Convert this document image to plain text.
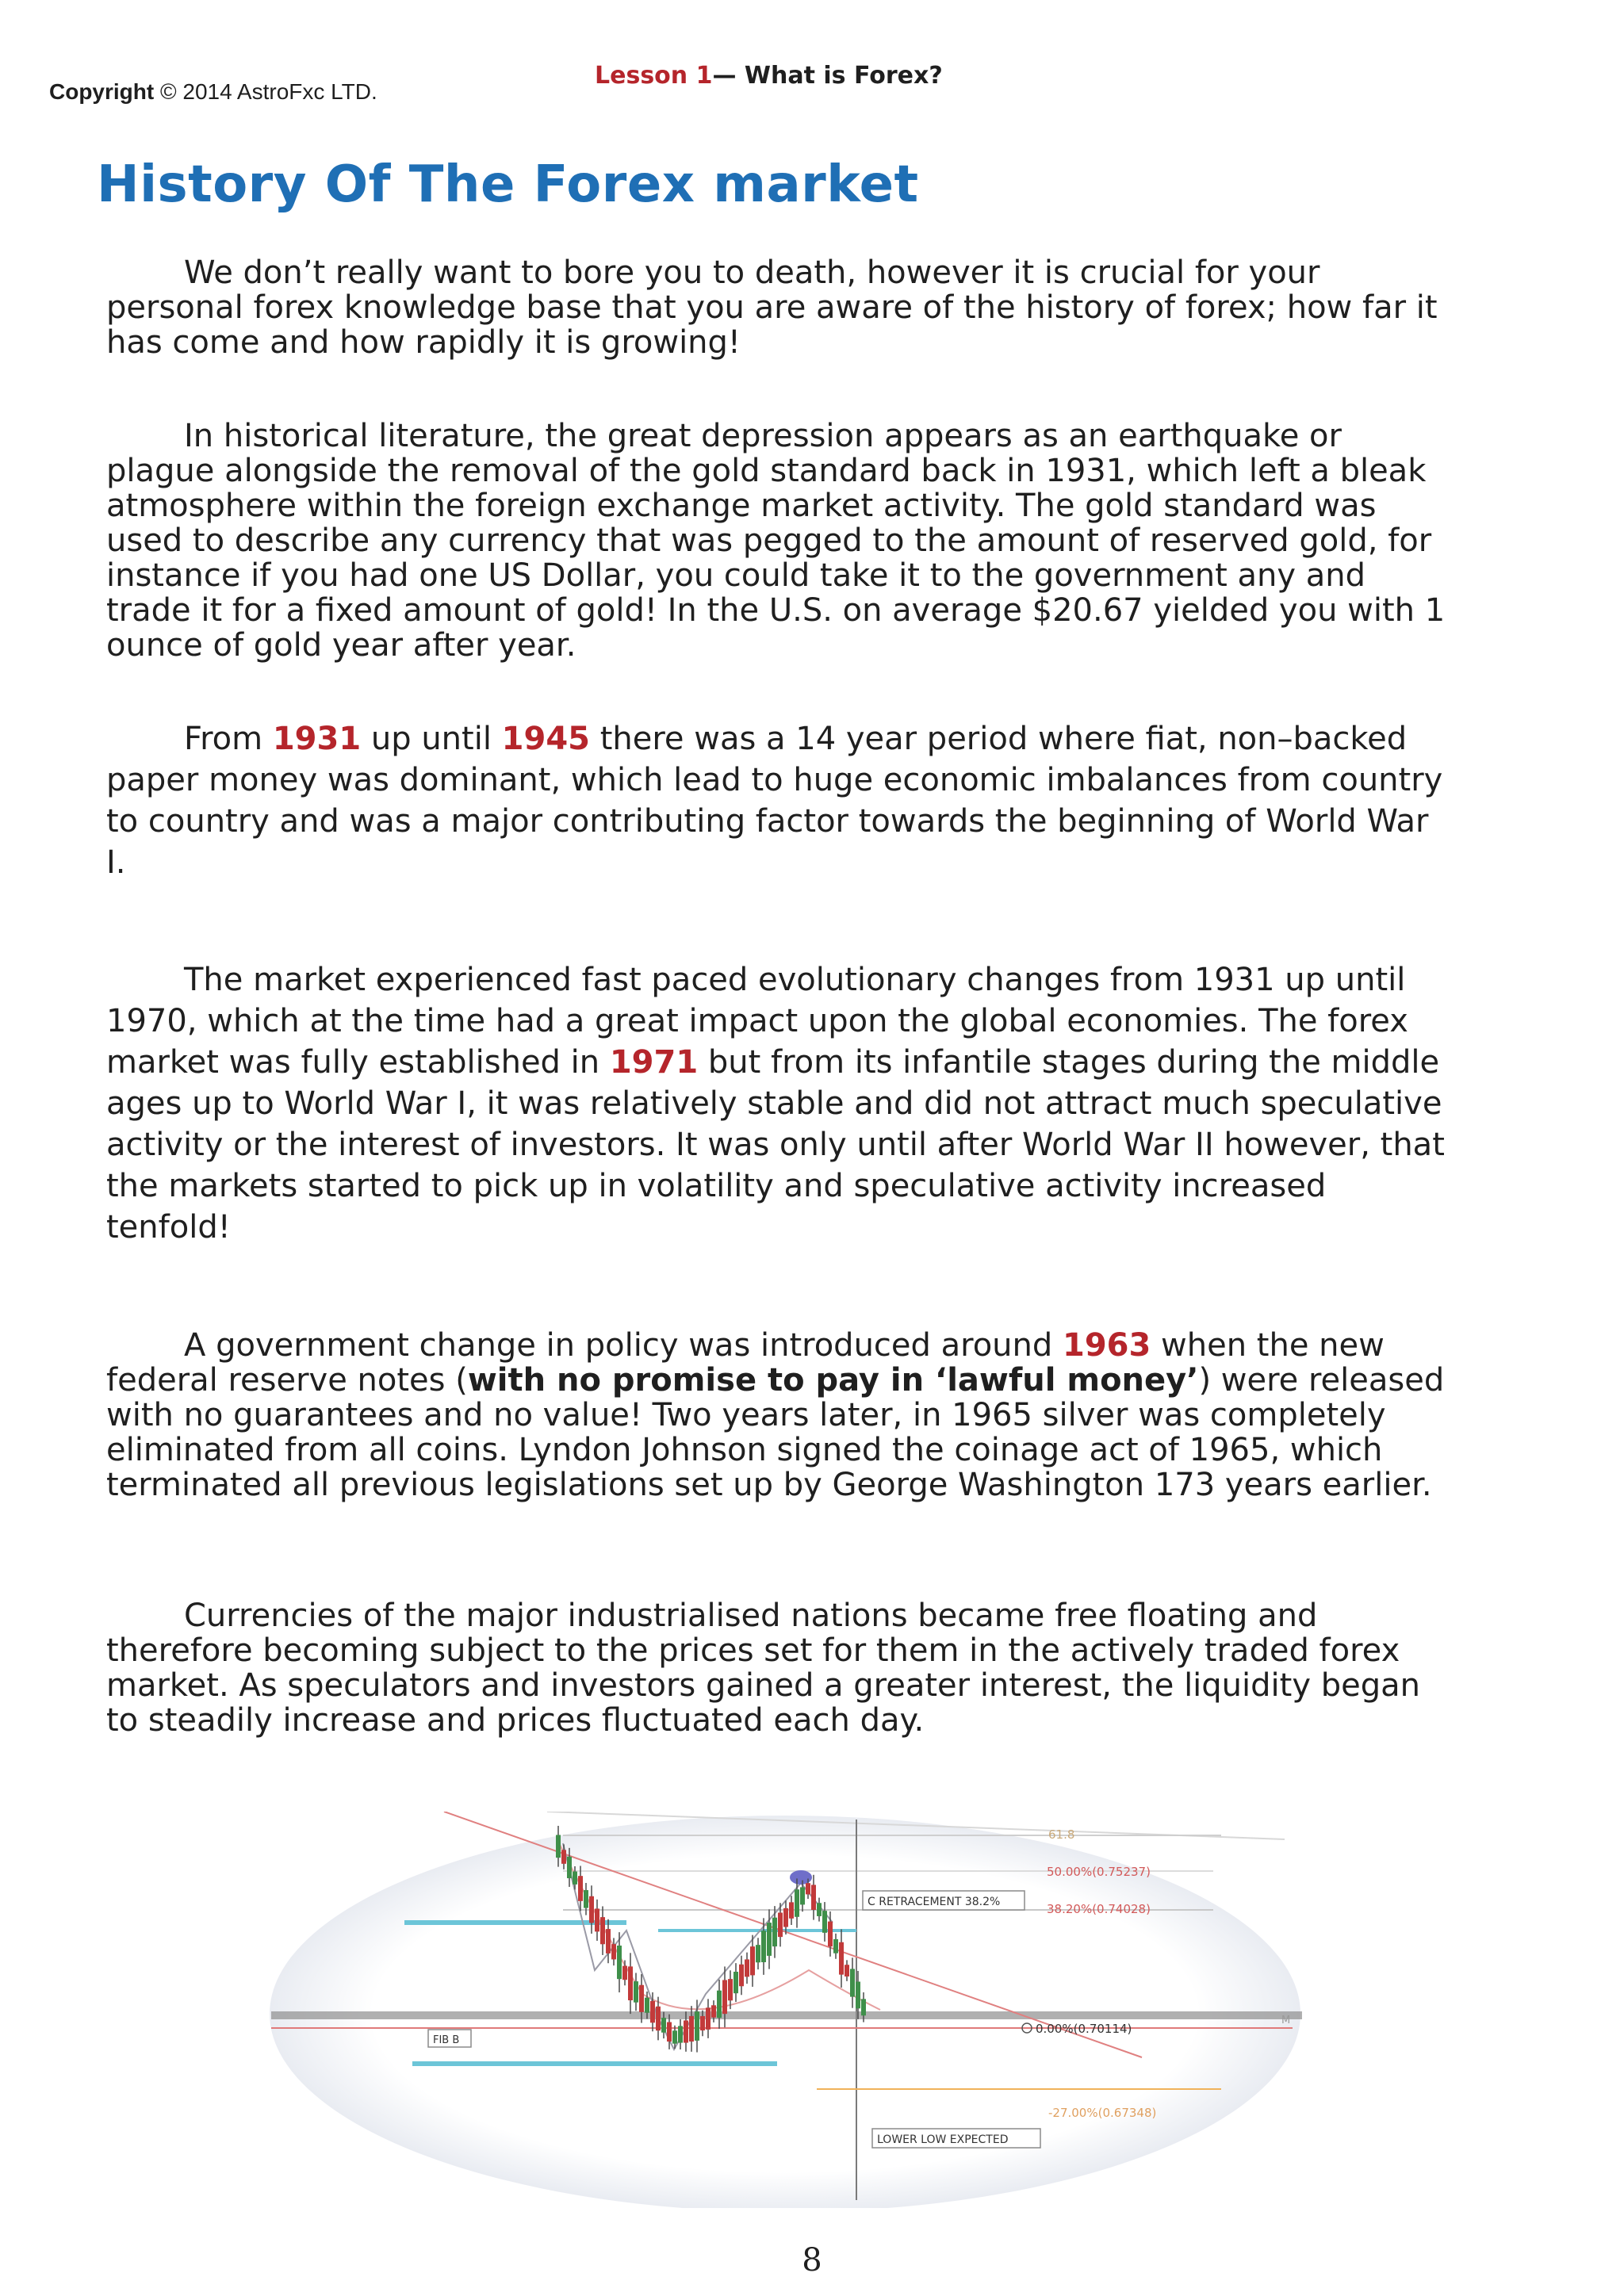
Copyright © 2014 AstroFxc LTD.
Lesson 1— What is Forex?
History Of The Forex market

We don’t really want to bore you to death, however it is crucial for your personal forex knowledge base that you are aware of the history of forex; how far it has come and how rapidly it is growing!

In historical literature, the great depression appears as an earthquake or plague alongside the removal of the gold standard back in 1931, which left a bleak atmosphere within the foreign exchange market activity. The gold standard was used to describe any currency that was pegged to the amount of reserved gold, for instance if you had one US Dollar, you could take it to the government any and trade it for a fixed amount of gold! In the U.S. on average $20.67 yielded you with 1 ounce of gold year after year.

From 1931 up until 1945 there was a 14 year period where fiat, non–backed paper money was dominant, which lead to huge economic imbalances from country to country and was a major contributing factor towards the beginning of World War I.

The market experienced fast paced evolutionary changes from 1931 up until 1970, which at the time had a great impact upon the global economies. The forex market was fully established in 1971 but from its infantile stages during the middle ages up to World War I, it was relatively stable and did not attract much speculative activity or the interest of investors. It was only until after World War II however, that the markets started to pick up in volatility and speculative activity increased tenfold!

A government change in policy was introduced around 1963 when the new federal reserve notes (with no promise to pay in ‘lawful money’) were released with no guarantees and no value! Two years later, in 1965 silver was completely eliminated from all coins. Lyndon Johnson signed the coinage act of 1965, which terminated all previous legislations set up by George Washington 173 years earlier.

Currencies of the major industrialised nations became free floating and therefore becoming subject to the prices set for them in the actively traded forex market. As speculators and investors gained a greater interest, the liquidity began to steadily increase and prices fluctuated each day.

61.8
50.00%(0.75237)
38.20%(0.74028)
0.00%(0.70114)
-27.00%(0.67348)
C RETRACEMENT 38.2%
FIB B
LOWER LOW EXPECTED
M
8
